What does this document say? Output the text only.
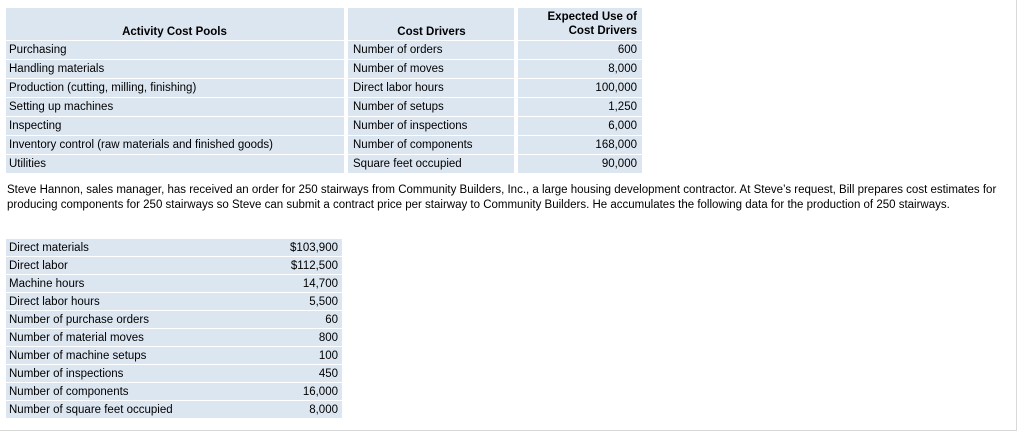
Activity Cost Pools		Cost Drivers		Expected Use of
Cost Drivers
Purchasing		Number of orders		600
Handling materials		Number of moves		8,000
Production (cutting, milling, finishing)		Direct labor hours		100,000
Setting up machines		Number of setups		1,250
Inspecting		Number of inspections		6,000
Inventory control (raw materials and finished goods)		Number of components		168,000
Utilities		Square feet occupied		90,000

Steve Hannon, sales manager, has received an order for 250 stairways from Community Builders, Inc., a large housing development contractor. At Steve’s request, Bill prepares cost estimates for producing components for 250 stairways so Steve can submit a contract price per stairway to Community Builders. He accumulates the following data for the production of 250 stairways.

Direct materials	$103,900
Direct labor	$112,500
Machine hours	14,700
Direct labor hours	5,500
Number of purchase orders	60
Number of material moves	800
Number of machine setups	100
Number of inspections	450
Number of components	16,000
Number of square feet occupied	8,000
